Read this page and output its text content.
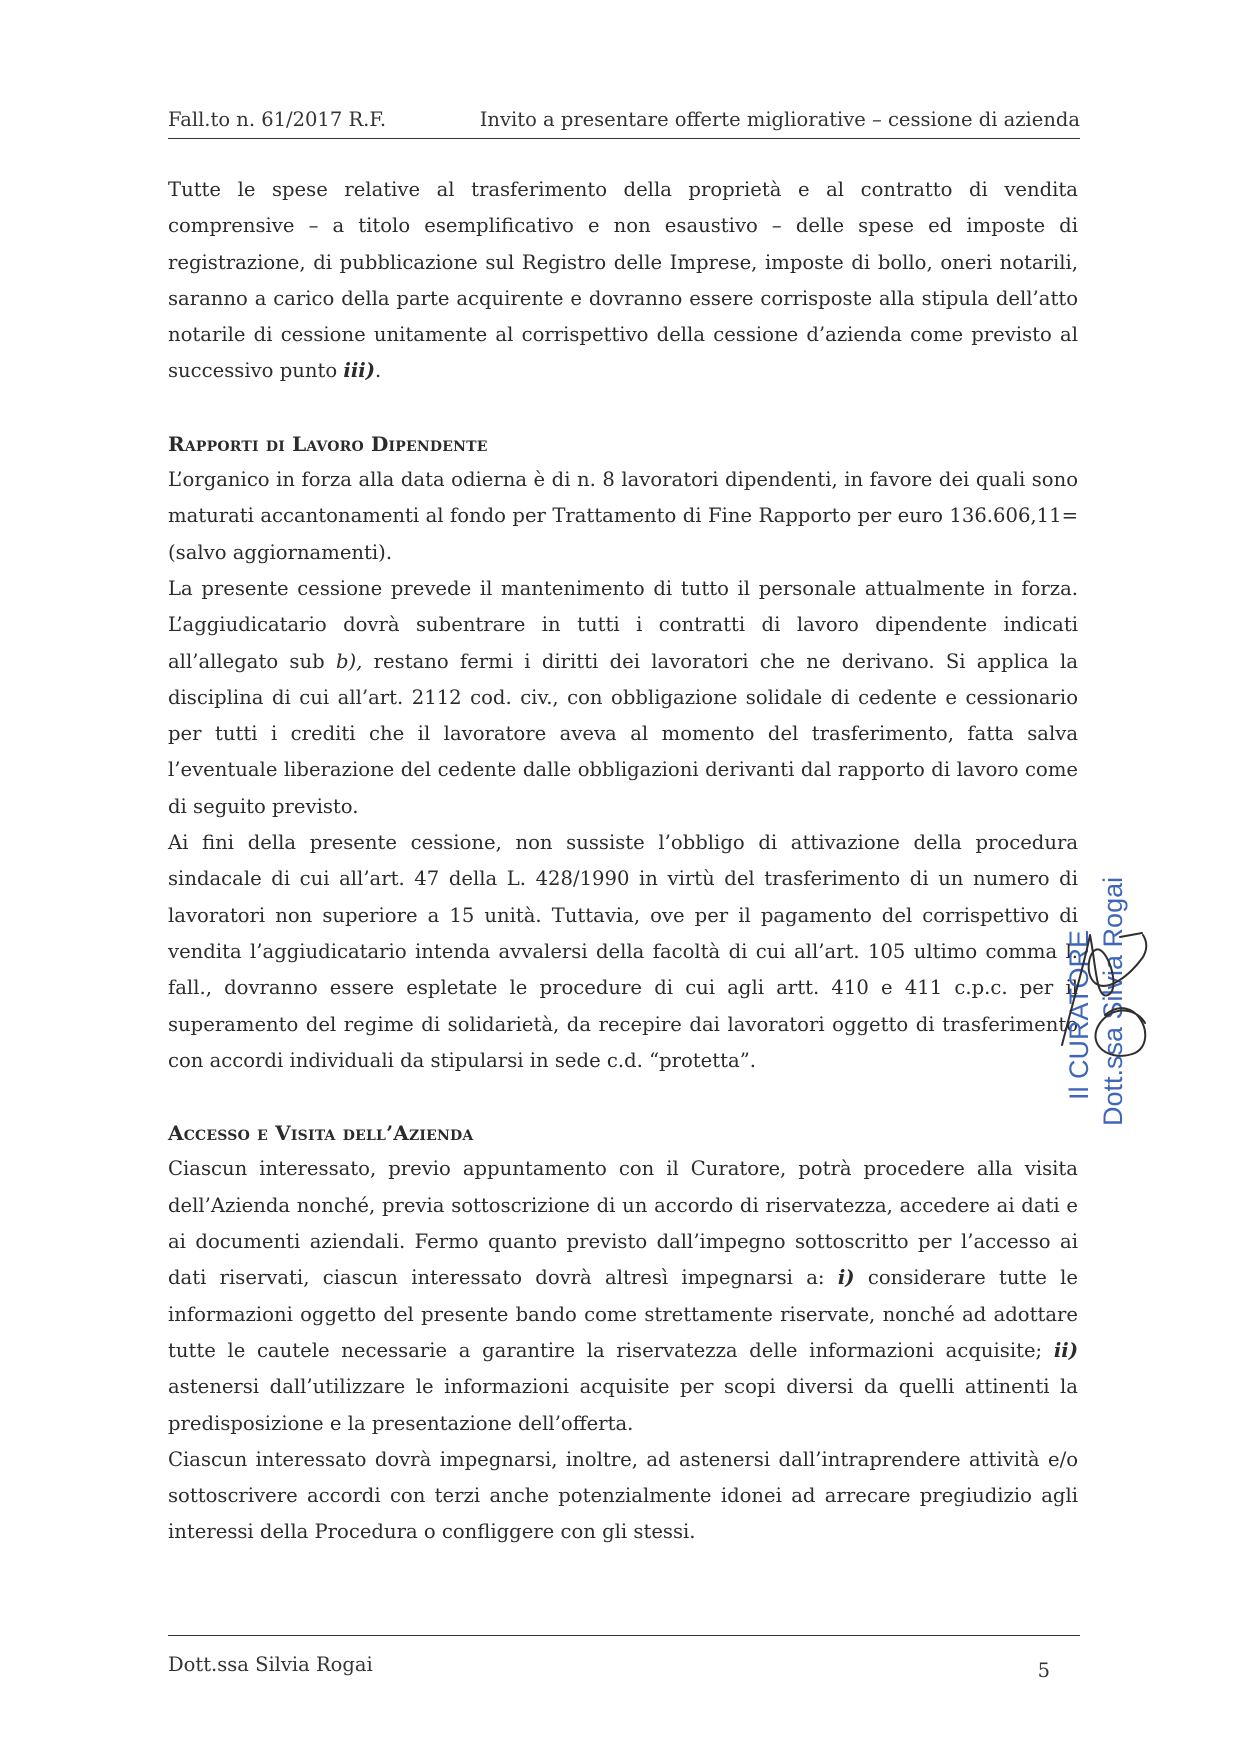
Fall.to n. 61/2017 R.F.	Invito a presentare offerte migliorative – cessione di azienda

Tutte le spese relative al trasferimento della proprietà e al contratto di vendita comprensive – a titolo esemplificativo e non esaustivo – delle spese ed imposte di registrazione, di pubblicazione sul Registro delle Imprese, imposte di bollo, oneri notarili, saranno a carico della parte acquirente e dovranno essere corrisposte alla stipula dell’atto notarile di cessione unitamente al corrispettivo della cessione d’azienda come previsto al successivo punto iii).

Rapporti di Lavoro Dipendente

L’organico in forza alla data odierna è di n. 8 lavoratori dipendenti, in favore dei quali sono maturati accantonamenti al fondo per Trattamento di Fine Rapporto per euro 136.606,11= (salvo aggiornamenti).

La presente cessione prevede il mantenimento di tutto il personale attualmente in forza. L’aggiudicatario dovrà subentrare in tutti i contratti di lavoro dipendente indicati all’allegato sub b), restano fermi i diritti dei lavoratori che ne derivano. Si applica la disciplina di cui all’art. 2112 cod. civ., con obbligazione solidale di cedente e cessionario per tutti i crediti che il lavoratore aveva al momento del trasferimento, fatta salva l’eventuale liberazione del cedente dalle obbligazioni derivanti dal rapporto di lavoro come di seguito previsto.

Ai fini della presente cessione, non sussiste l’obbligo di attivazione della procedura sindacale di cui all’art. 47 della L. 428/1990 in virtù del trasferimento di un numero di lavoratori non superiore a 15 unità. Tuttavia, ove per il pagamento del corrispettivo di vendita l’aggiudicatario intenda avvalersi della facoltà di cui all’art. 105 ultimo comma l. fall., dovranno essere espletate le procedure di cui agli artt. 410 e 411 c.p.c. per il superamento del regime di solidarietà, da recepire dai lavoratori oggetto di trasferimento con accordi individuali da stipularsi in sede c.d. “protetta”.

Accesso e Visita dell’Azienda

Ciascun interessato, previo appuntamento con il Curatore, potrà procedere alla visita dell’Azienda nonché, previa sottoscrizione di un accordo di riservatezza, accedere ai dati e ai documenti aziendali. Fermo quanto previsto dall’impegno sottoscritto per l’accesso ai dati riservati, ciascun interessato dovrà altresì impegnarsi a: i) considerare tutte le informazioni oggetto del presente bando come strettamente riservate, nonché ad adottare tutte le cautele necessarie a garantire la riservatezza delle informazioni acquisite; ii) astenersi dall’utilizzare le informazioni acquisite per scopi diversi da quelli attinenti la predisposizione e la presentazione dell’offerta.

Ciascun interessato dovrà impegnarsi, inoltre, ad astenersi dall’intraprendere attività e/o sottoscrivere accordi con terzi anche potenzialmente idonei ad arrecare pregiudizio agli interessi della Procedura o confliggere con gli stessi.

Il CURATORE Dott.ssa Silvia Rogai
Dott.ssa Silvia Rogai	5
